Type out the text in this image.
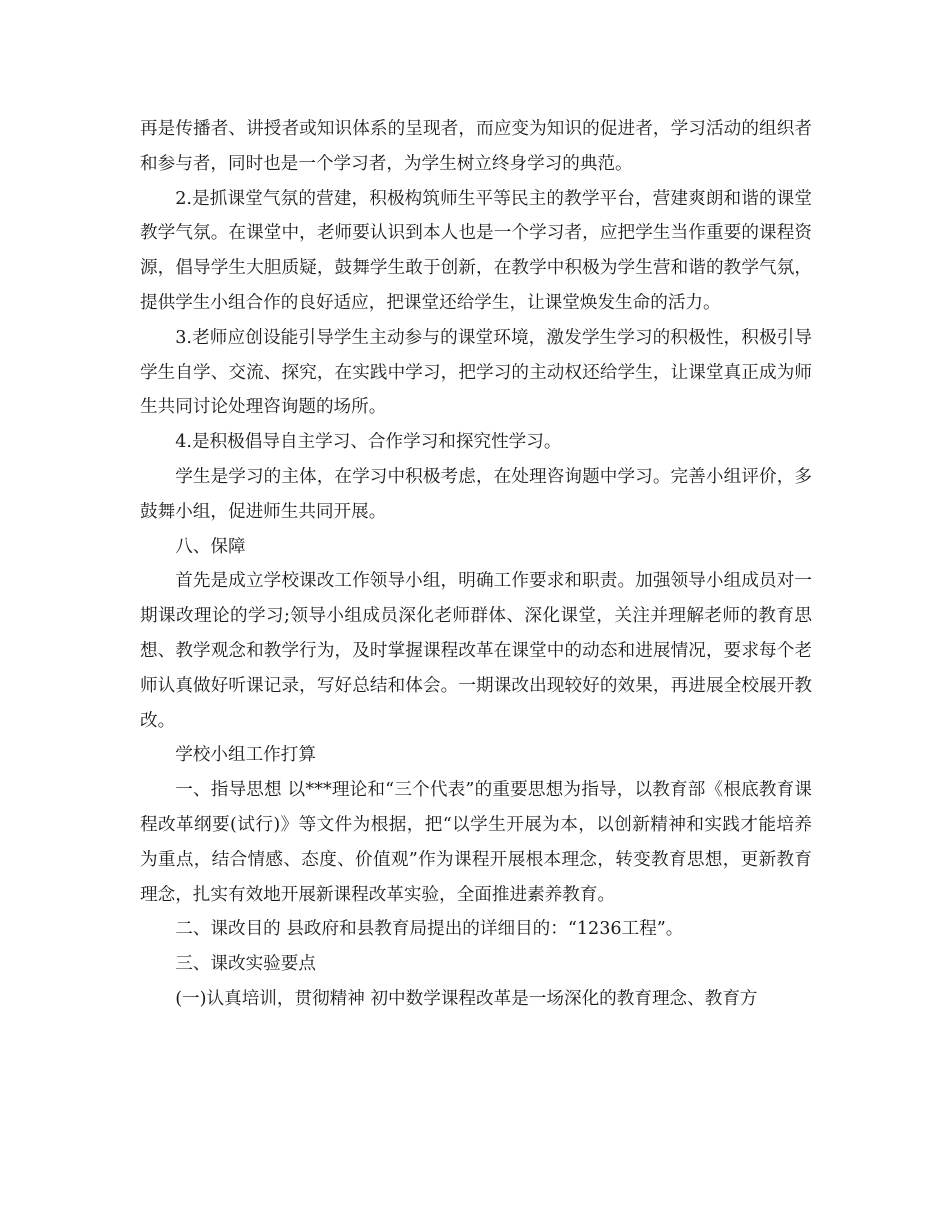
再是传播者、讲授者或知识体系的呈现者，而应变为知识的促进者，学习活动的组织者和参与者，同时也是一个学习者，为学生树立终身学习的典范。

2.是抓课堂气氛的营建，积极构筑师生平等民主的教学平台，营建爽朗和谐的课堂教学气氛。在课堂中，老师要认识到本人也是一个学习者，应把学生当作重要的课程资源，倡导学生大胆质疑，鼓舞学生敢于创新，在教学中积极为学生营和谐的教学气氛，提供学生小组合作的良好适应，把课堂还给学生，让课堂焕发生命的活力。

3.老师应创设能引导学生主动参与的课堂环境，激发学生学习的积极性，积极引导学生自学、交流、探究，在实践中学习，把学习的主动权还给学生，让课堂真正成为师生共同讨论处理咨询题的场所。

4.是积极倡导自主学习、合作学习和探究性学习。

学生是学习的主体，在学习中积极考虑，在处理咨询题中学习。完善小组评价，多鼓舞小组，促进师生共同开展。

八、保障

首先是成立学校课改工作领导小组，明确工作要求和职责。加强领导小组成员对一期课改理论的学习;领导小组成员深化老师群体、深化课堂，关注并理解老师的教育思想、教学观念和教学行为，及时掌握课程改革在课堂中的动态和进展情况，要求每个老师认真做好听课记录，写好总结和体会。一期课改出现较好的效果，再进展全校展开教改。

学校小组工作打算

一、指导思想 以***理论和“三个代表”的重要思想为指导，以教育部《根底教育课程改革纲要(试行)》等文件为根据，把“以学生开展为本，以创新精神和实践才能培养为重点，结合情感、态度、价值观”作为课程开展根本理念，转变教育思想，更新教育理念，扎实有效地开展新课程改革实验，全面推进素养教育。

二、课改目的 县政府和县教育局提出的详细目的：“1236工程”。

三、课改实验要点

(一)认真培训，贯彻精神 初中数学课程改革是一场深化的教育理念、教育方
